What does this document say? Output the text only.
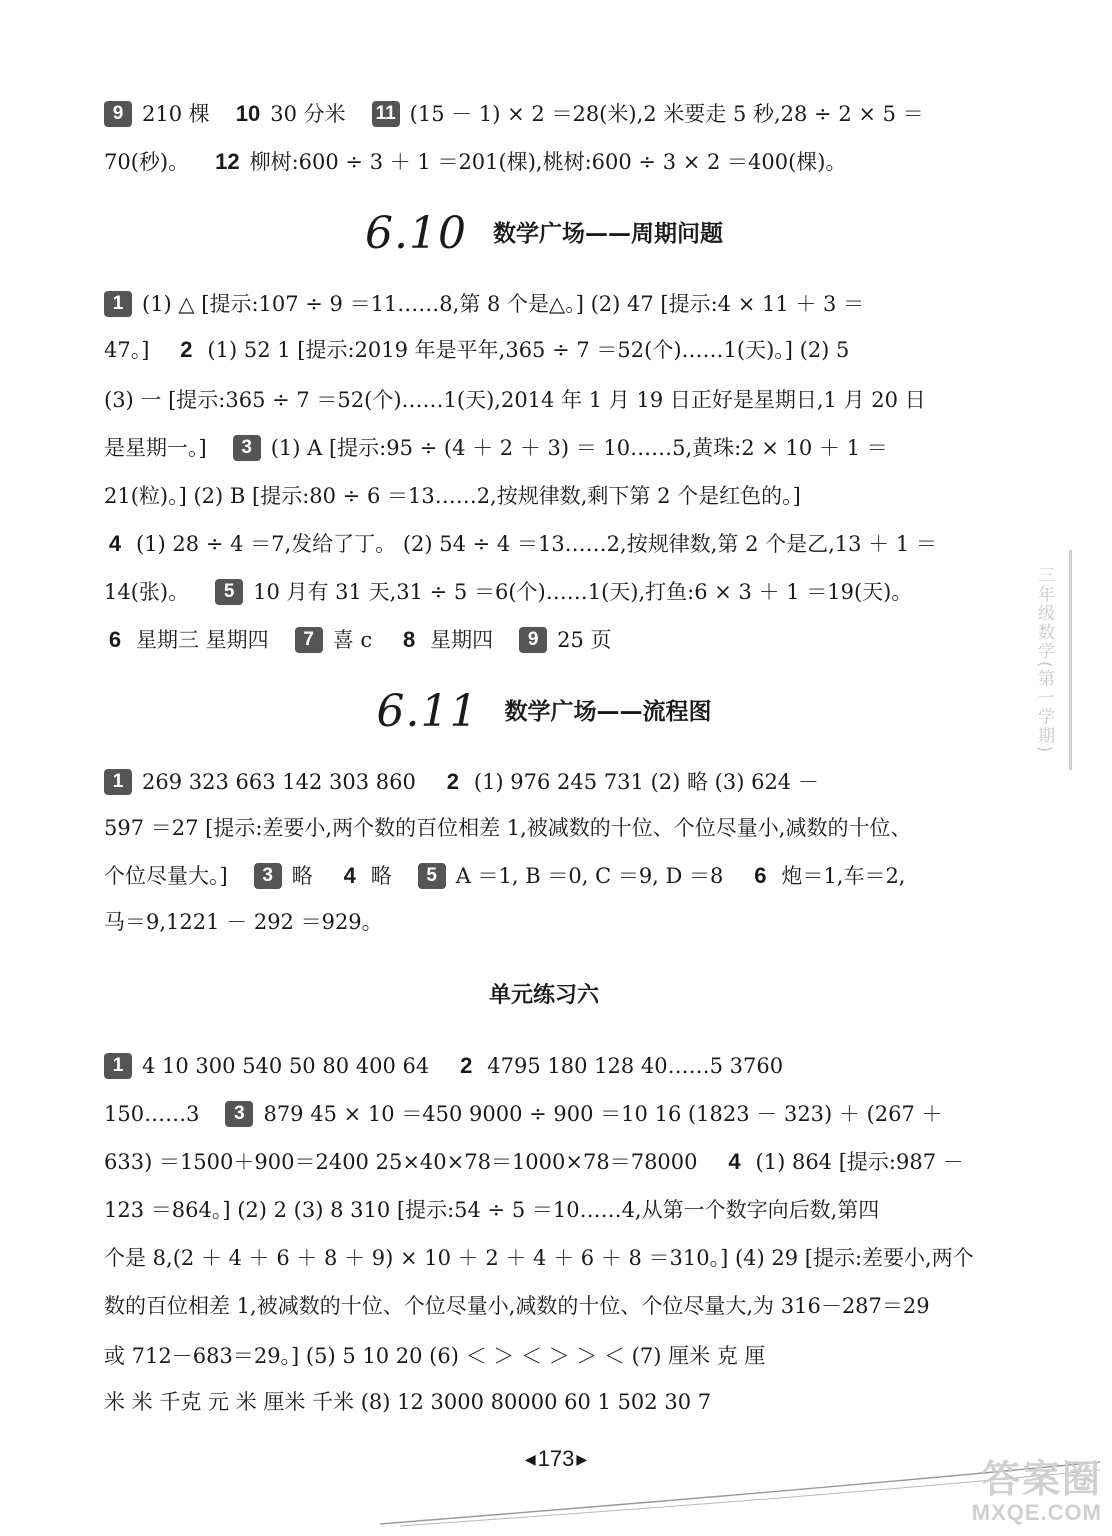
9 210 棵 10 30 分米 11 (15 － 1) × 2 ＝28(米),2 米要走 5 秒,28 ÷ 2 × 5 ＝
70(秒)。 12 柳树:600 ÷ 3 ＋ 1 ＝201(棵),桃树:600 ÷ 3 × 2 ＝400(棵)。
6.10 数学广场——周期问题
1 (1) △ [提示:107 ÷ 9 ＝11……8,第 8 个是△。] (2) 47 [提示:4 × 11 ＋ 3 ＝
47。] 2 (1) 52 1 [提示:2019 年是平年,365 ÷ 7 ＝52(个)……1(天)。] (2) 5
(3) 一 [提示:365 ÷ 7 ＝52(个)……1(天),2014 年 1 月 19 日正好是星期日,1 月 20 日
是星期一。] 3 (1) A [提示:95 ÷ (4 ＋ 2 ＋ 3) ＝ 10……5,黄珠:2 × 10 ＋ 1 ＝
21(粒)。] (2) B [提示:80 ÷ 6 ＝13……2,按规律数,剩下第 2 个是红色的。]
4 (1) 28 ÷ 4 ＝7,发给了丁。 (2) 54 ÷ 4 ＝13……2,按规律数,第 2 个是乙,13 ＋ 1 ＝
14(张)。 5 10 月有 31 天,31 ÷ 5 ＝6(个)……1(天),打鱼:6 × 3 ＋ 1 ＝19(天)。
6 星期三 星期四 7 喜 c 8 星期四 9 25 页
6.11 数学广场——流程图
1 269 323 663 142 303 860 2 (1) 976 245 731 (2) 略 (3) 624 －
597 ＝27 [提示:差要小,两个数的百位相差 1,被减数的十位、个位尽量小,减数的十位、
个位尽量大。] 3 略 4 略 5 A ＝1, B ＝0, C ＝9, D ＝8 6 炮＝1,车＝2,
马＝9,1221 － 292 ＝929。
单元练习六
1 4 10 300 540 50 80 400 64 2 4795 180 128 40……5 3760
150……3 3 879 45 × 10 ＝450 9000 ÷ 900 ＝10 16 (1823 － 323) ＋ (267 ＋
633) ＝1500＋900＝2400 25×40×78＝1000×78＝78000 4 (1) 864 [提示:987 －
123 ＝864。] (2) 2 (3) 8 310 [提示:54 ÷ 5 ＝10……4,从第一个数字向后数,第四
个是 8,(2 ＋ 4 ＋ 6 ＋ 8 ＋ 9) × 10 ＋ 2 ＋ 4 ＋ 6 ＋ 8 ＝310。] (4) 29 [提示:差要小,两个
数的百位相差 1,被减数的十位、个位尽量小,减数的十位、个位尽量大,为 316－287＝29
或 712－683＝29。] (5) 5 10 20 (6) ＜ ＞ ＜ ＞ ＞ ＜ (7) 厘米 克 厘
米 米 千克 元 米 厘米 千米 (8) 12 3000 80000 60 1 502 30 7
三年级数学(第一学期)
◀173 ▶	答案圈
MXQE.COM
